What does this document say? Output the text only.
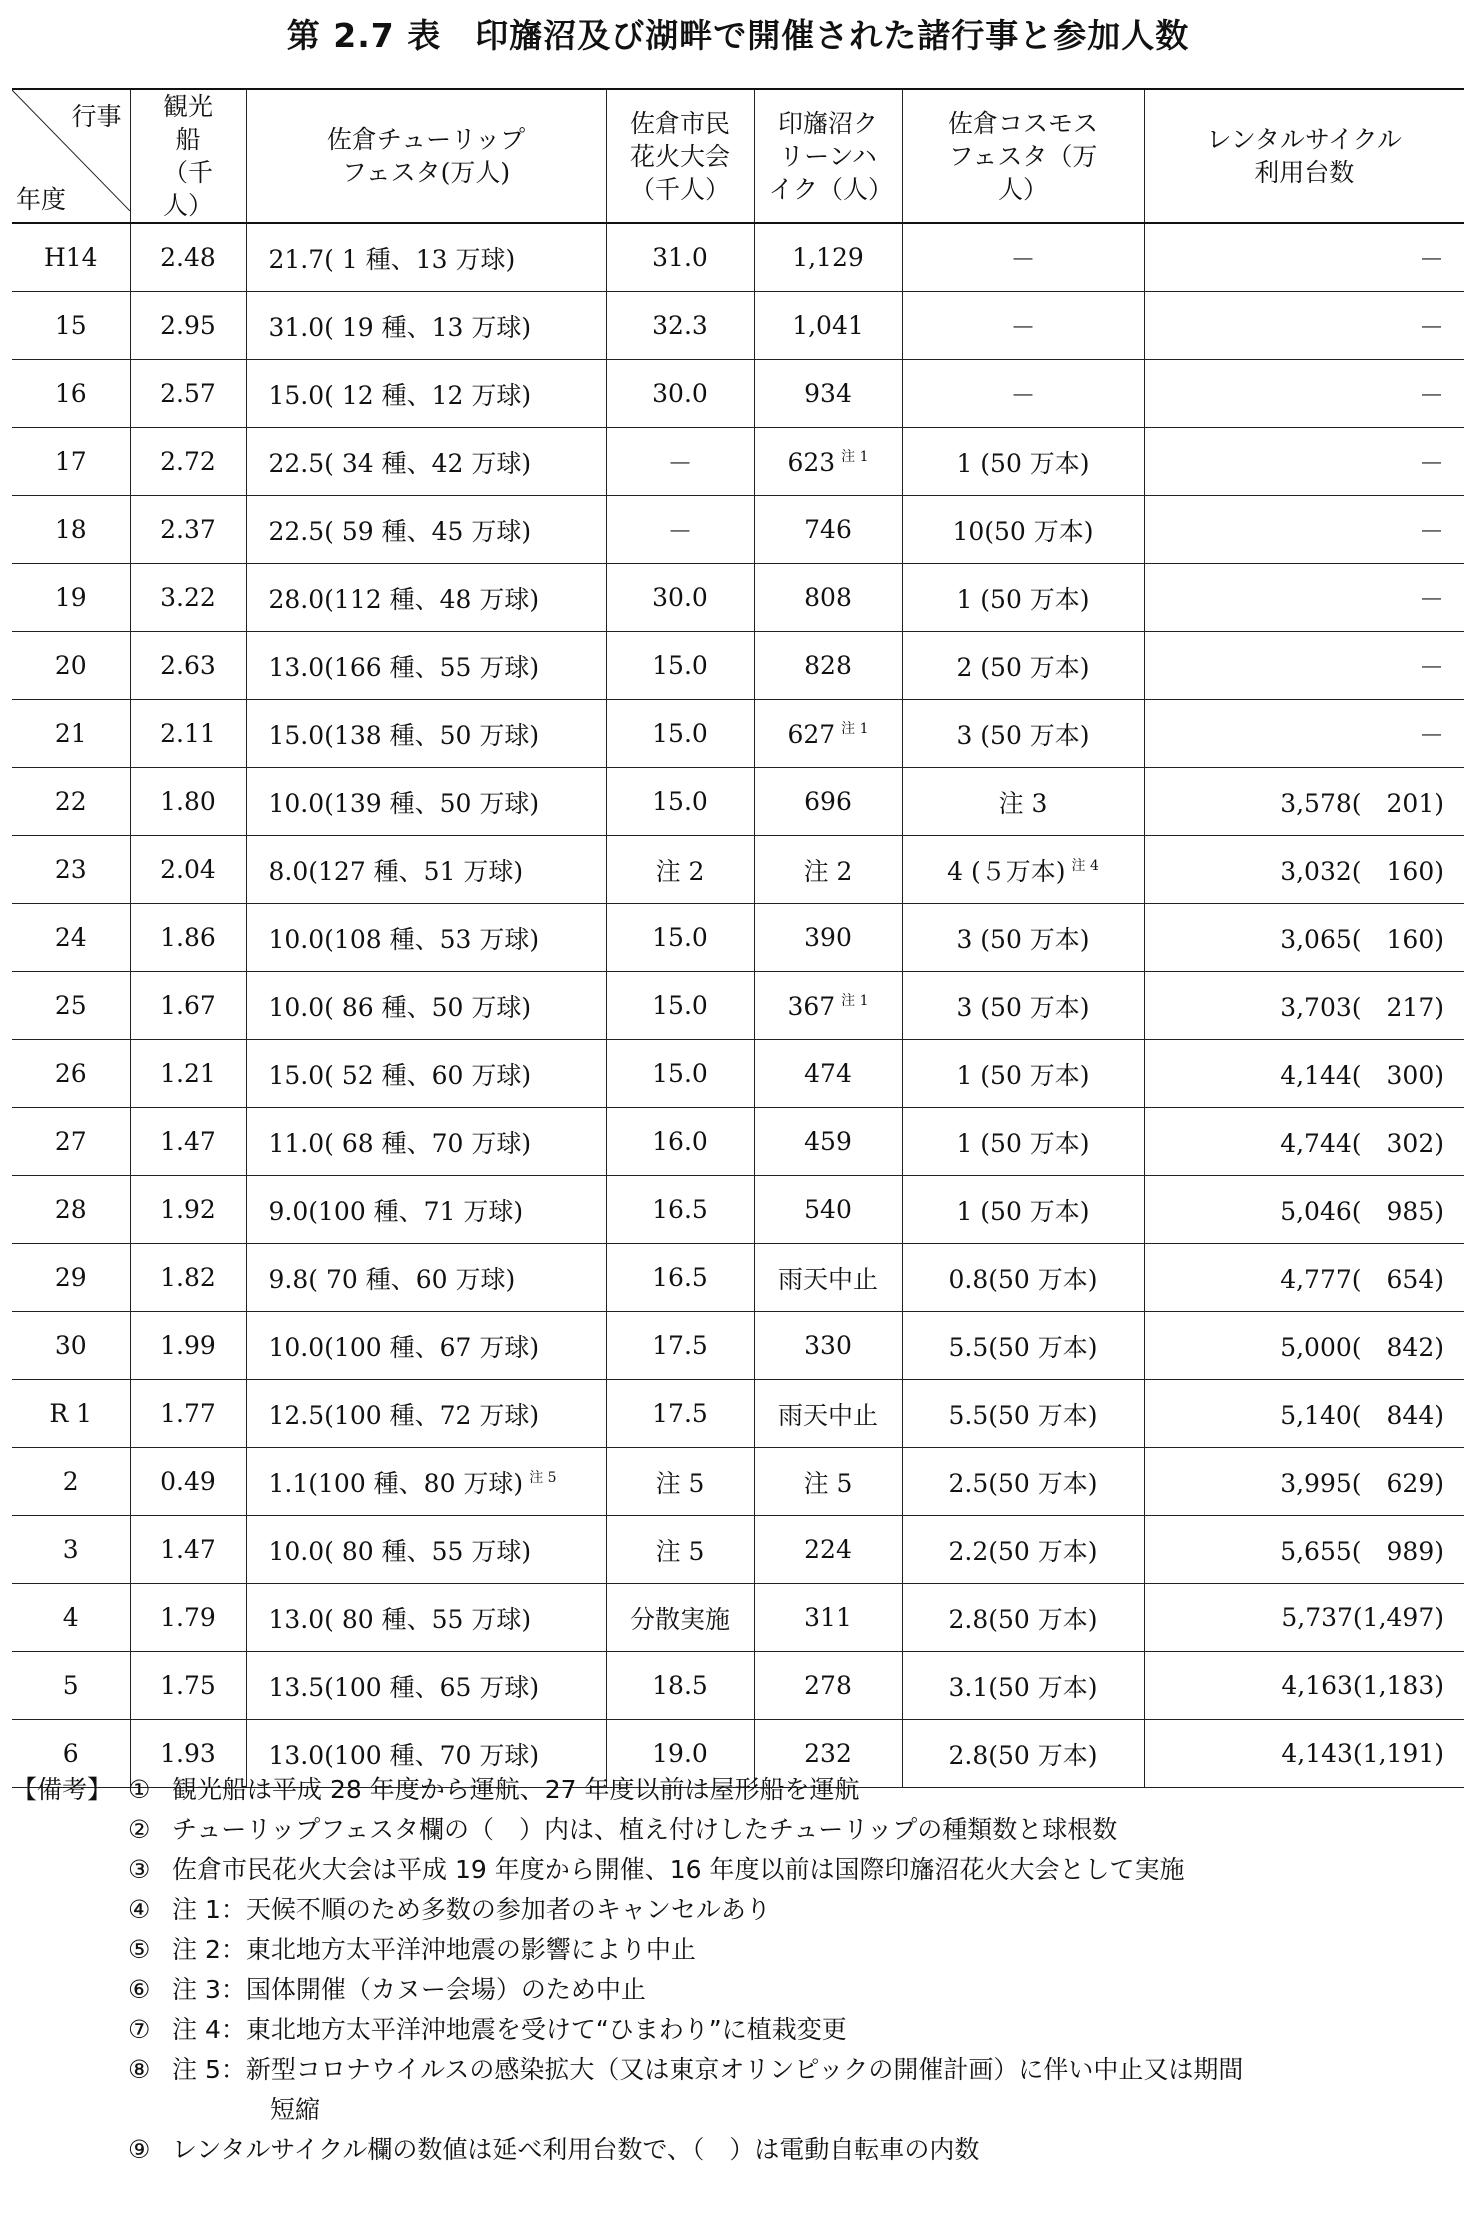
第 2.7 表　印旛沼及び湖畔で開催された諸行事と参加人数
行事
年度	観光船（千人）	佐倉チューリップフェスタ(万人)	佐倉市民花火大会（千人）	印旛沼クリーンハイク（人）	佐倉コスモスフェスタ（万人）	レンタルサイクル利用台数
H14	2.48	21.7( 1 種、13 万球)	31.0	1,129	－	－
15	2.95	31.0( 19 種、13 万球)	32.3	1,041	－	－
16	2.57	15.0( 12 種、12 万球)	30.0	934	－	－
17	2.72	22.5( 34 種、42 万球)	－	623 $^{注 1}$	1 (50 万本)	－
18	2.37	22.5( 59 種、45 万球)	－	746	10(50 万本)	－
19	3.22	28.0(112 種、48 万球)	30.0	808	1 (50 万本)	－
20	2.63	13.0(166 種、55 万球)	15.0	828	2 (50 万本)	－
21	2.11	15.0(138 種、50 万球)	15.0	627 $^{注 1}$	3 (50 万本)	－
22	1.80	10.0(139 種、50 万球)	15.0	696	注 3	3,578(　201)
23	2.04	8.0(127 種、51 万球)	注 2	注 2	4 (５万本) $^{注 4}$	3,032(　160)
24	1.86	10.0(108 種、53 万球)	15.0	390	3 (50 万本)	3,065(　160)
25	1.67	10.0( 86 種、50 万球)	15.0	367 $^{注 1}$	3 (50 万本)	3,703(　217)
26	1.21	15.0( 52 種、60 万球)	15.0	474	1 (50 万本)	4,144(　300)
27	1.47	11.0( 68 種、70 万球)	16.0	459	1 (50 万本)	4,744(　302)
28	1.92	9.0(100 種、71 万球)	16.5	540	1 (50 万本)	5,046(　985)
29	1.82	9.8( 70 種、60 万球)	16.5	雨天中止	0.8(50 万本)	4,777(　654)
30	1.99	10.0(100 種、67 万球)	17.5	330	5.5(50 万本)	5,000(　842)
R 1	1.77	12.5(100 種、72 万球)	17.5	雨天中止	5.5(50 万本)	5,140(　844)
2	0.49	1.1(100 種、80 万球) $^{注 5}$	注 5	注 5	2.5(50 万本)	3,995(　629)
3	1.47	10.0( 80 種、55 万球)	注 5	224	2.2(50 万本)	5,655(　989)
4	1.79	13.0( 80 種、55 万球)	分散実施	311	2.8(50 万本)	5,737(1,497)
5	1.75	13.5(100 種、65 万球)	18.5	278	3.1(50 万本)	4,163(1,183)
6	1.93	13.0(100 種、70 万球)	19.0	232	2.8(50 万本)	4,143(1,191)
【備考】 ① 観光船は平成 28 年度から運航、27 年度以前は屋形船を運航
② チューリップフェスタ欄の（　）内は、植え付けしたチューリップの種類数と球根数
③ 佐倉市民花火大会は平成 19 年度から開催、16 年度以前は国際印旛沼花火大会として実施
④ 注 1：天候不順のため多数の参加者のキャンセルあり
⑤ 注 2：東北地方太平洋沖地震の影響により中止
⑥ 注 3：国体開催（カヌー会場）のため中止
⑦ 注 4：東北地方太平洋沖地震を受けて“ひまわり”に植栽変更
⑧ 注 5：新型コロナウイルスの感染拡大（又は東京オリンピックの開催計画）に伴い中止又は期間
短縮
⑨ レンタルサイクル欄の数値は延べ利用台数で、（　）は電動自転車の内数
